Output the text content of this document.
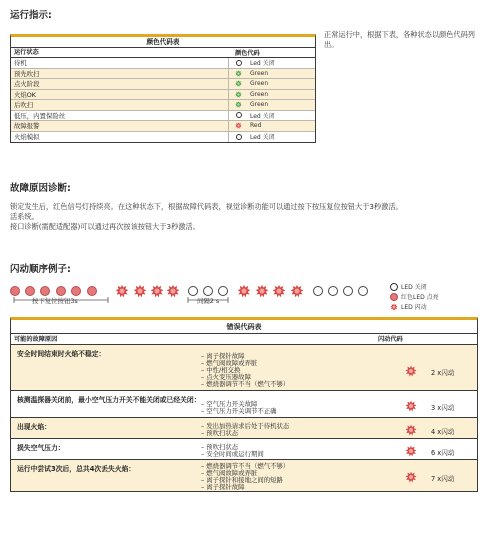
运行指示:
正常运行中，根据下表，各种状态以颜色代码列出。
颜色代码表
运行状态	颜色代码
待机	Led 关闭
预先吹扫	Green
点火阶段	Green
火焰OK	Green
后吹扫	Green
低压，内置保险丝	Led 关闭
故障报警	Red
火焰模拟	Led 关闭
故障原因诊断:
锁定发生后，红色信号灯持续亮。在这种状态下，根据故障代码表，视觉诊断功能可以通过按下按压复位按钮大于3秒激活。
活系统。
接口诊断(需配适配器)可以通过再次按该按钮大于3秒激活。
闪动顺序例子:
按下复位按钮3s	间隔2 s
LED 关闭
红色LED 点亮
LED 闪动
错误代码表
可能的故障原因	闪动代码
安全时间结束时火焰不稳定：	– 离子探针故障
– 燃气阀故障或弄脏
– 中性/相交换
– 点火变压器故障
– 燃烧器调节不当（燃气不够）
2 x闪动
核测温探器关闭前，最小空气压力开关不能关闭或已经关闭： – 空气压力开关故障
– 空气压力开关调节不正确	3 x闪动
出现火焰：	– 发出加热请求后处于待机状态
– 预吹扫状态	4 x闪动
损失空气压力：	– 预吹扫状态
– 安全时间或运行期间	6 x闪动
运行中尝试3次后，总共4次丢失火焰：	– 燃烧器调节不当（燃气不够）
– 燃气阀故障或弄脏
– 离子探针和接地之间的短路
– 离子探针故障
7 x闪动
